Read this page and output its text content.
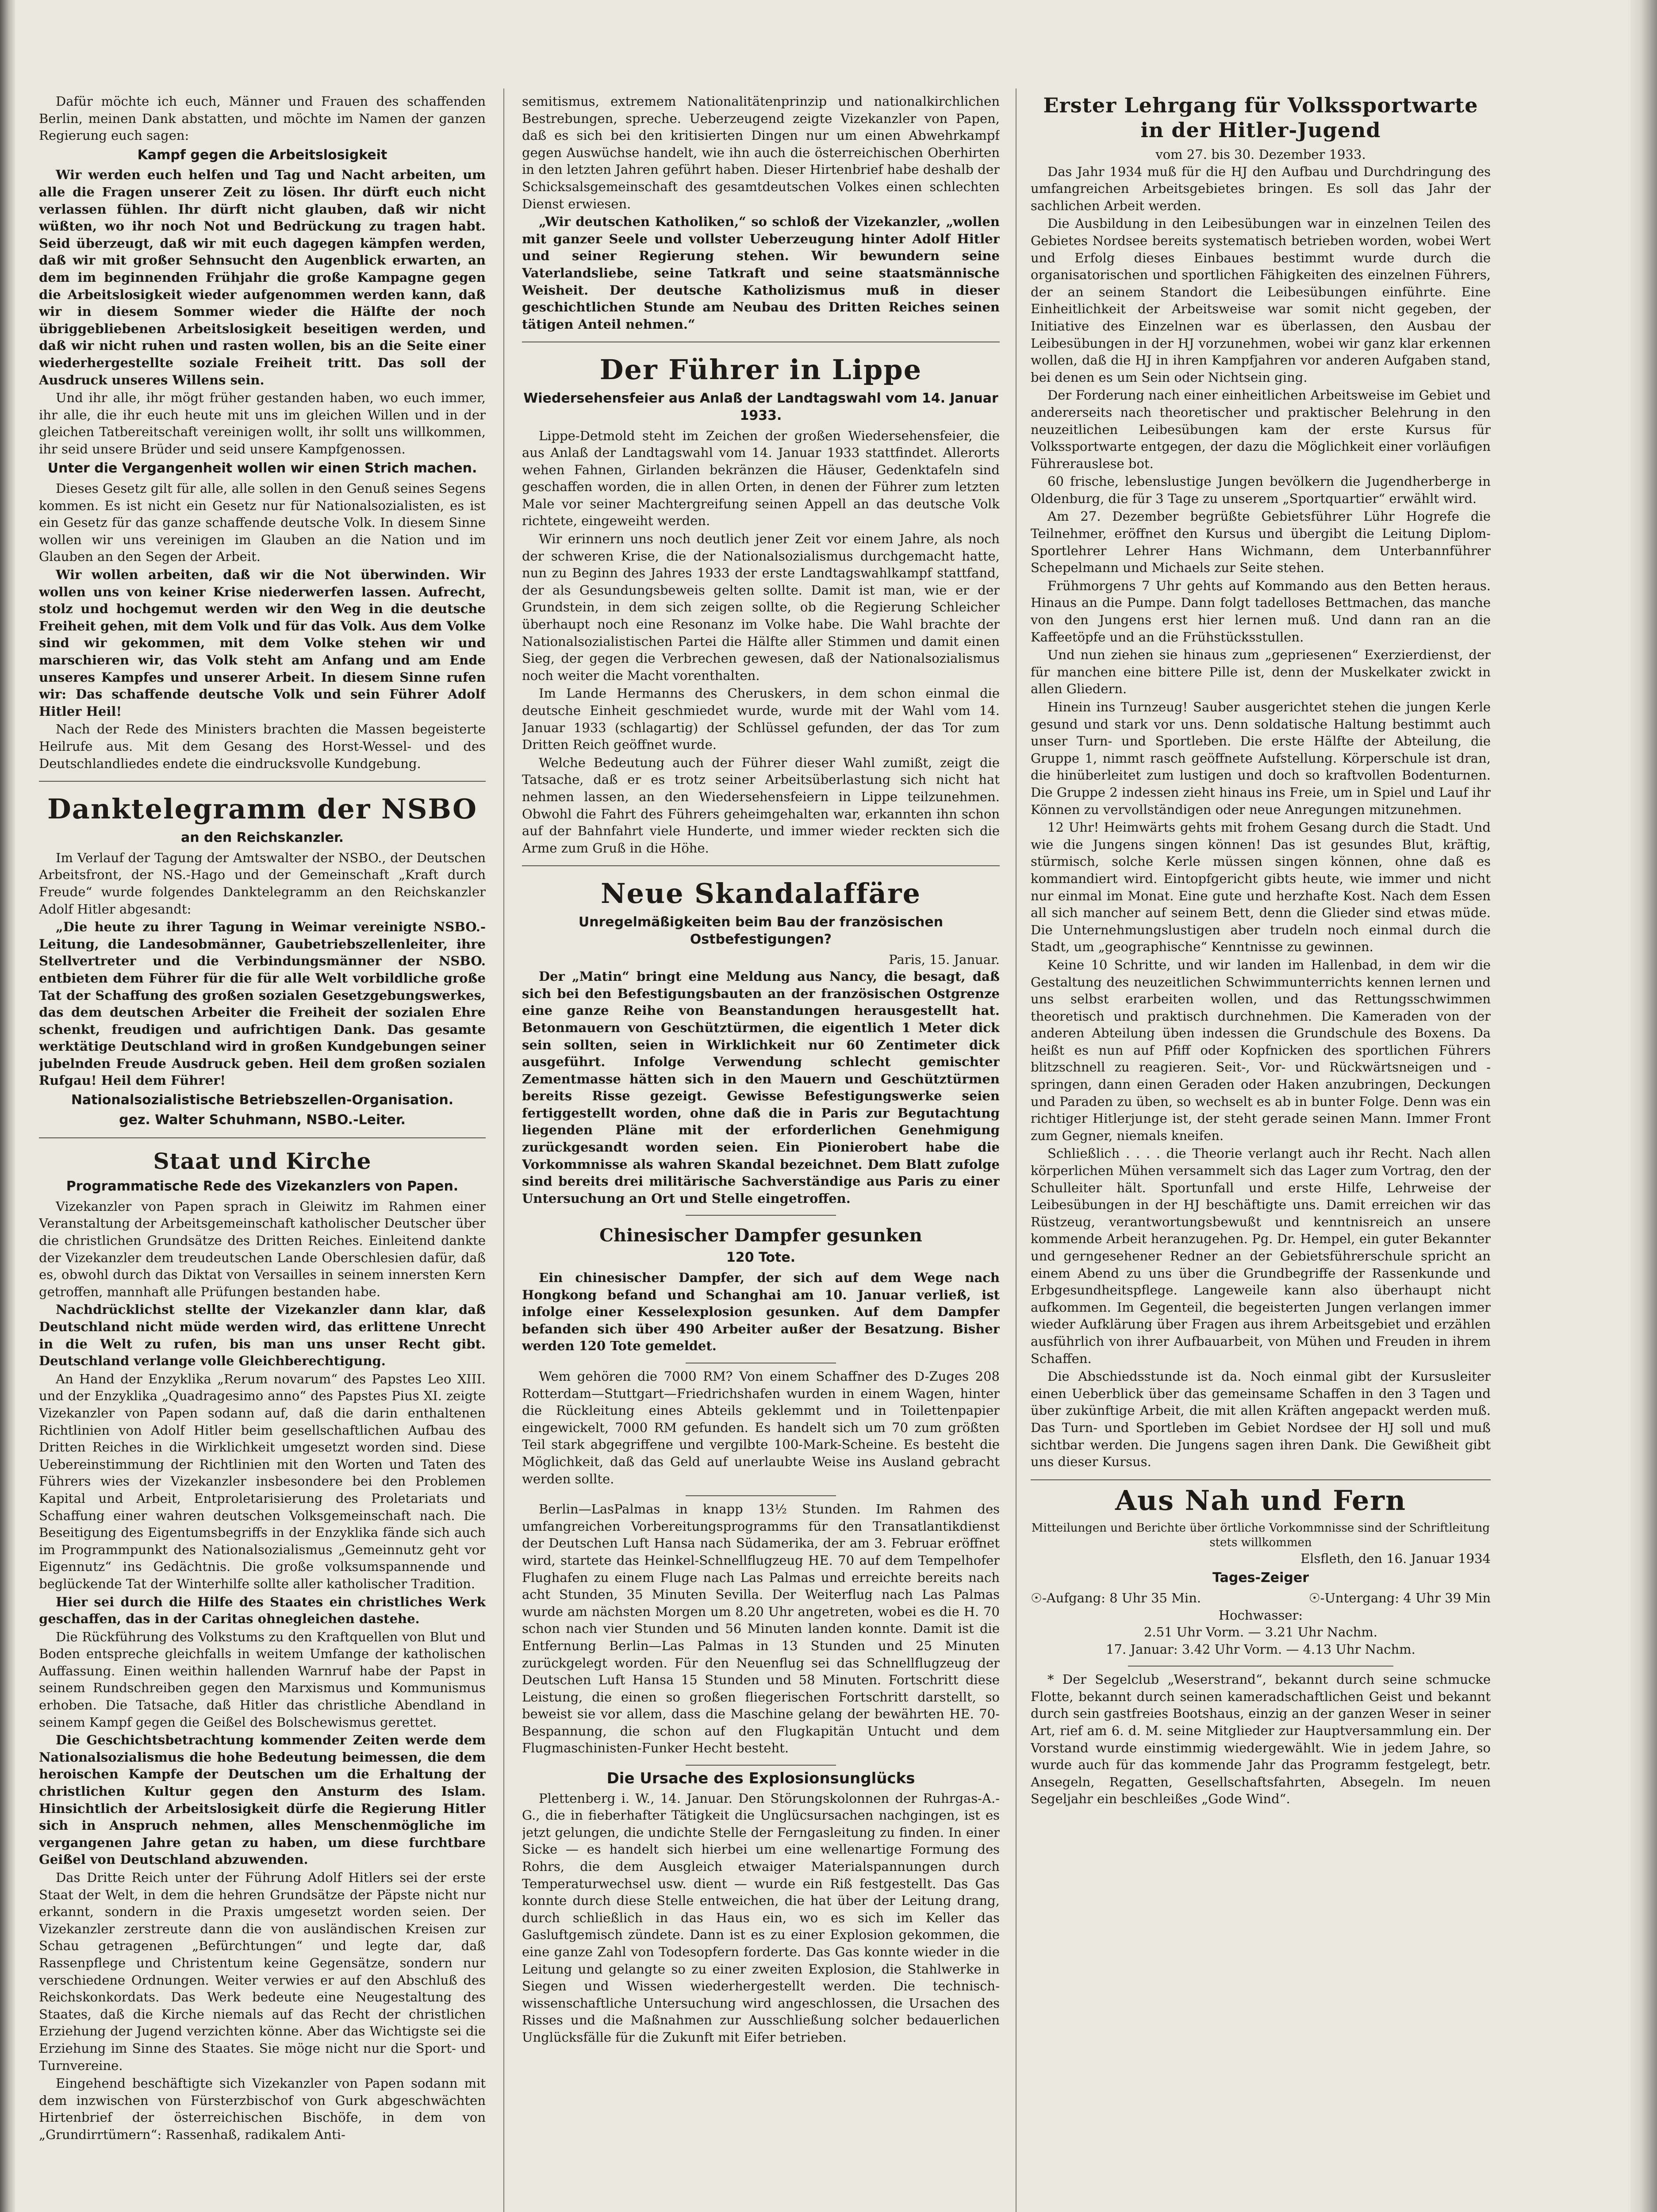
Dafür möchte ich euch, Männer und Frauen des schaffenden Berlin, meinen Dank abstatten, und möchte im Namen der ganzen Regierung euch sagen:

Kampf gegen die Arbeitslosigkeit

Wir werden euch helfen und Tag und Nacht arbeiten, um alle die Fragen unserer Zeit zu lösen. Ihr dürft euch nicht verlassen fühlen. Ihr dürft nicht glauben, daß wir nicht wüßten, wo ihr noch Not und Bedrückung zu tragen habt. Seid überzeugt, daß wir mit euch dagegen kämpfen werden, daß wir mit großer Sehnsucht den Augenblick erwarten, an dem im beginnenden Frühjahr die große Kampagne gegen die Arbeitslosigkeit wieder aufgenommen werden kann, daß wir in diesem Sommer wieder die Hälfte der noch übriggebliebenen Arbeitslosigkeit beseitigen werden, und daß wir nicht ruhen und rasten wollen, bis an die Seite einer wiederhergestellte soziale Freiheit tritt. Das soll der Ausdruck unseres Willens sein.

Und ihr alle, ihr mögt früher gestanden haben, wo euch immer, ihr alle, die ihr euch heute mit uns im gleichen Willen und in der gleichen Tatbereitschaft vereinigen wollt, ihr sollt uns willkommen, ihr seid unsere Brüder und seid unsere Kampfgenossen.

Unter die Vergangenheit wollen wir einen Strich machen.

Dieses Gesetz gilt für alle, alle sollen in den Genuß seines Segens kommen. Es ist nicht ein Gesetz nur für Nationalsozialisten, es ist ein Gesetz für das ganze schaffende deutsche Volk. In diesem Sinne wollen wir uns vereinigen im Glauben an die Nation und im Glauben an den Segen der Arbeit.

Wir wollen arbeiten, daß wir die Not überwinden. Wir wollen uns von keiner Krise niederwerfen lassen. Aufrecht, stolz und hochgemut werden wir den Weg in die deutsche Freiheit gehen, mit dem Volk und für das Volk. Aus dem Volke sind wir gekommen, mit dem Volke stehen wir und marschieren wir, das Volk steht am Anfang und am Ende unseres Kampfes und unserer Arbeit. In diesem Sinne rufen wir: Das schaffende deutsche Volk und sein Führer Adolf Hitler Heil!

Nach der Rede des Ministers brachten die Massen begeisterte Heilrufe aus. Mit dem Gesang des Horst-Wessel- und des Deutschlandliedes endete die eindrucksvolle Kundgebung.

Danktelegramm der NSBO
an den Reichskanzler.

Im Verlauf der Tagung der Amtswalter der NSBO., der Deutschen Arbeitsfront, der NS.-Hago und der Gemeinschaft „Kraft durch Freude“ wurde folgendes Danktelegramm an den Reichskanzler Adolf Hitler abgesandt:

„Die heute zu ihrer Tagung in Weimar vereinigte NSBO.-Leitung, die Landesobmänner, Gaubetriebszellenleiter, ihre Stellvertreter und die Verbindungsmänner der NSBO. entbieten dem Führer für die für alle Welt vorbildliche große Tat der Schaffung des großen sozialen Gesetzgebungswerkes, das dem deutschen Arbeiter die Freiheit der sozialen Ehre schenkt, freudigen und aufrichtigen Dank. Das gesamte werktätige Deutschland wird in großen Kundgebungen seiner jubelnden Freude Ausdruck geben. Heil dem großen sozialen Rufgau! Heil dem Führer!

Nationalsozialistische Betriebszellen-Organisation.
gez. Walter Schuhmann, NSBO.-Leiter.
Staat und Kirche
Programmatische Rede des Vizekanzlers von Papen.

Vizekanzler von Papen sprach in Gleiwitz im Rahmen einer Veranstaltung der Arbeitsgemeinschaft katholischer Deutscher über die christlichen Grundsätze des Dritten Reiches. Einleitend dankte der Vizekanzler dem treudeutschen Lande Oberschlesien dafür, daß es, obwohl durch das Diktat von Versailles in seinem innersten Kern getroffen, mannhaft alle Prüfungen bestanden habe.

Nachdrücklichst stellte der Vizekanzler dann klar, daß Deutschland nicht müde werden wird, das erlittene Unrecht in die Welt zu rufen, bis man uns unser Recht gibt. Deutschland verlange volle Gleichberechtigung.

An Hand der Enzyklika „Rerum novarum“ des Papstes Leo XIII. und der Enzyklika „Quadragesimo anno“ des Papstes Pius XI. zeigte Vizekanzler von Papen sodann auf, daß die darin enthaltenen Richtlinien von Adolf Hitler beim gesellschaftlichen Aufbau des Dritten Reiches in die Wirklichkeit umgesetzt worden sind. Diese Uebereinstimmung der Richtlinien mit den Worten und Taten des Führers wies der Vizekanzler insbesondere bei den Problemen Kapital und Arbeit, Entproletarisierung des Proletariats und Schaffung einer wahren deutschen Volksgemeinschaft nach. Die Beseitigung des Eigentumsbegriffs in der Enzyklika fände sich auch im Programmpunkt des Nationalsozialismus „Gemeinnutz geht vor Eigennutz“ ins Gedächtnis. Die große volksumspannende und beglückende Tat der Winterhilfe sollte aller katholischer Tradition.

Hier sei durch die Hilfe des Staates ein christliches Werk geschaffen, das in der Caritas ohnegleichen dastehe.

Die Rückführung des Volkstums zu den Kraftquellen von Blut und Boden entspreche gleichfalls in weitem Umfange der katholischen Auffassung. Einen weithin hallenden Warnruf habe der Papst in seinem Rundschreiben gegen den Marxismus und Kommunismus erhoben. Die Tatsache, daß Hitler das christliche Abendland in seinem Kampf gegen die Geißel des Bolschewismus gerettet.

Die Geschichtsbetrachtung kommender Zeiten werde dem Nationalsozialismus die hohe Bedeutung beimessen, die dem heroischen Kampfe der Deutschen um die Erhaltung der christlichen Kultur gegen den Ansturm des Islam. Hinsichtlich der Arbeitslosigkeit dürfe die Regierung Hitler sich in Anspruch nehmen, alles Menschenmögliche im vergangenen Jahre getan zu haben, um diese furchtbare Geißel von Deutschland abzuwenden.

Das Dritte Reich unter der Führung Adolf Hitlers sei der erste Staat der Welt, in dem die hehren Grundsätze der Päpste nicht nur erkannt, sondern in die Praxis umgesetzt worden seien. Der Vizekanzler zerstreute dann die von ausländischen Kreisen zur Schau getragenen „Befürchtungen“ und legte dar, daß Rassenpflege und Christentum keine Gegensätze, sondern nur verschiedene Ordnungen. Weiter verwies er auf den Abschluß des Reichskonkordats. Das Werk bedeute eine Neugestaltung des Staates, daß die Kirche niemals auf das Recht der christlichen Erziehung der Jugend verzichten könne. Aber das Wichtigste sei die Erziehung im Sinne des Staates. Sie möge nicht nur die Sport- und Turnvereine.

Eingehend beschäftigte sich Vizekanzler von Papen sodann mit dem inzwischen von Fürsterzbischof von Gurk abgeschwächten Hirtenbrief der österreichischen Bischöfe, in dem von „Grundirrtümern“: Rassenhaß, radikalem Anti-

semitismus, extremem Nationalitätenprinzip und nationalkirchlichen Bestrebungen, spreche. Ueberzeugend zeigte Vizekanzler von Papen, daß es sich bei den kritisierten Dingen nur um einen Abwehrkampf gegen Auswüchse handelt, wie ihn auch die österreichischen Oberhirten in den letzten Jahren geführt haben. Dieser Hirtenbrief habe deshalb der Schicksalsgemeinschaft des gesamtdeutschen Volkes einen schlechten Dienst erwiesen.

„Wir deutschen Katholiken,“ so schloß der Vizekanzler, „wollen mit ganzer Seele und vollster Ueberzeugung hinter Adolf Hitler und seiner Regierung stehen. Wir bewundern seine Vaterlandsliebe, seine Tatkraft und seine staatsmännische Weisheit. Der deutsche Katholizismus muß in dieser geschichtlichen Stunde am Neubau des Dritten Reiches seinen tätigen Anteil nehmen.“

Der Führer in Lippe
Wiedersehensfeier aus Anlaß der Landtagswahl vom 14. Januar 1933.

Lippe-Detmold steht im Zeichen der großen Wiedersehensfeier, die aus Anlaß der Landtagswahl vom 14. Januar 1933 stattfindet. Allerorts wehen Fahnen, Girlanden bekränzen die Häuser, Gedenktafeln sind geschaffen worden, die in allen Orten, in denen der Führer zum letzten Male vor seiner Machtergreifung seinen Appell an das deutsche Volk richtete, eingeweiht werden.

Wir erinnern uns noch deutlich jener Zeit vor einem Jahre, als noch der schweren Krise, die der Nationalsozialismus durchgemacht hatte, nun zu Beginn des Jahres 1933 der erste Landtagswahlkampf stattfand, der als Gesundungsbeweis gelten sollte. Damit ist man, wie er der Grundstein, in dem sich zeigen sollte, ob die Regierung Schleicher überhaupt noch eine Resonanz im Volke habe. Die Wahl brachte der Nationalsozialistischen Partei die Hälfte aller Stimmen und damit einen Sieg, der gegen die Verbrechen gewesen, daß der Nationalsozialismus noch weiter die Macht vorenthalten.

Im Lande Hermanns des Cheruskers, in dem schon einmal die deutsche Einheit geschmiedet wurde, wurde mit der Wahl vom 14. Januar 1933 (schlagartig) der Schlüssel gefunden, der das Tor zum Dritten Reich geöffnet wurde.

Welche Bedeutung auch der Führer dieser Wahl zumißt, zeigt die Tatsache, daß er es trotz seiner Arbeitsüberlastung sich nicht hat nehmen lassen, an den Wiedersehensfeiern in Lippe teilzunehmen. Obwohl die Fahrt des Führers geheimgehalten war, erkannten ihn schon auf der Bahnfahrt viele Hunderte, und immer wieder reckten sich die Arme zum Gruß in die Höhe.

Neue Skandalaffäre
Unregelmäßigkeiten beim Bau der französischen Ostbefestigungen?
Paris, 15. Januar.

Der „Matin“ bringt eine Meldung aus Nancy, die besagt, daß sich bei den Befestigungsbauten an der französischen Ostgrenze eine ganze Reihe von Beanstandungen herausgestellt hat. Betonmauern von Geschütztürmen, die eigentlich 1 Meter dick sein sollten, seien in Wirklichkeit nur 60 Zentimeter dick ausgeführt. Infolge Verwendung schlecht gemischter Zementmasse hätten sich in den Mauern und Geschütztürmen bereits Risse gezeigt. Gewisse Befestigungswerke seien fertiggestellt worden, ohne daß die in Paris zur Begutachtung liegenden Pläne mit der erforderlichen Genehmigung zurückgesandt worden seien. Ein Pionierobert habe die Vorkommnisse als wahren Skandal bezeichnet. Dem Blatt zufolge sind bereits drei militärische Sachverständige aus Paris zu einer Untersuchung an Ort und Stelle eingetroffen.

Chinesischer Dampfer gesunken
120 Tote.

Ein chinesischer Dampfer, der sich auf dem Wege nach Hongkong befand und Schanghai am 10. Januar verließ, ist infolge einer Kesselexplosion gesunken. Auf dem Dampfer befanden sich über 490 Arbeiter außer der Besatzung. Bisher werden 120 Tote gemeldet.

Wem gehören die 7000 RM? Von einem Schaffner des D-Zuges 208 Rotterdam—Stuttgart—Friedrichshafen wurden in einem Wagen, hinter die Rückleitung eines Abteils geklemmt und in Toilettenpapier eingewickelt, 7000 RM gefunden. Es handelt sich um 70 zum größten Teil stark abgegriffene und vergilbte 100-Mark-Scheine. Es besteht die Möglichkeit, daß das Geld auf unerlaubte Weise ins Ausland gebracht werden sollte.

Berlin—LasPalmas in knapp 13½ Stunden. Im Rahmen des umfangreichen Vorbereitungsprogramms für den Transatlantikdienst der Deutschen Luft Hansa nach Südamerika, der am 3. Februar eröffnet wird, startete das Heinkel-Schnellflugzeug HE. 70 auf dem Tempelhofer Flughafen zu einem Fluge nach Las Palmas und erreichte bereits nach acht Stunden, 35 Minuten Sevilla. Der Weiterflug nach Las Palmas wurde am nächsten Morgen um 8.20 Uhr angetreten, wobei es die H. 70 schon nach vier Stunden und 56 Minuten landen konnte. Damit ist die Entfernung Berlin—Las Palmas in 13 Stunden und 25 Minuten zurückgelegt worden. Für den Neuenflug sei das Schnellflugzeug der Deutschen Luft Hansa 15 Stunden und 58 Minuten. Fortschritt diese Leistung, die einen so großen fliegerischen Fortschritt darstellt, so beweist sie vor allem, dass die Maschine gelang der bewährten HE. 70-Bespannung, die schon auf den Flugkapitän Untucht und dem Flugmaschinisten-Funker Hecht besteht.

Die Ursache des Explosionsunglücks

Plettenberg i. W., 14. Januar. Den Störungskolonnen der Ruhrgas-A.-G., die in fieberhafter Tätigkeit die Unglücsursachen nachgingen, ist es jetzt gelungen, die undichte Stelle der Ferngasleitung zu finden. In einer Sicke — es handelt sich hierbei um eine wellenartige Formung des Rohrs, die dem Ausgleich etwaiger Materialspannungen durch Temperaturwechsel usw. dient — wurde ein Riß festgestellt. Das Gas konnte durch diese Stelle entweichen, die hat über der Leitung drang, durch schließlich in das Haus ein, wo es sich im Keller das Gasluftgemisch zündete. Dann ist es zu einer Explosion gekommen, die eine ganze Zahl von Todesopfern forderte. Das Gas konnte wieder in die Leitung und gelangte so zu einer zweiten Explosion, die Stahlwerke in Siegen und Wissen wiederhergestellt werden. Die technisch-wissenschaftliche Untersuchung wird angeschlossen, die Ursachen des Risses und die Maßnahmen zur Ausschließung solcher bedauerlichen Unglücksfälle für die Zukunft mit Eifer betrieben.

Erster Lehrgang für Volkssportwarte in der Hitler-Jugend
vom 27. bis 30. Dezember 1933.

Das Jahr 1934 muß für die HJ den Aufbau und Durchdringung des umfangreichen Arbeitsgebietes bringen. Es soll das Jahr der sachlichen Arbeit werden.

Die Ausbildung in den Leibesübungen war in einzelnen Teilen des Gebietes Nordsee bereits systematisch betrieben worden, wobei Wert und Erfolg dieses Einbaues bestimmt wurde durch die organisatorischen und sportlichen Fähigkeiten des einzelnen Führers, der an seinem Standort die Leibesübungen einführte. Eine Einheitlichkeit der Arbeitsweise war somit nicht gegeben, der Initiative des Einzelnen war es überlassen, den Ausbau der Leibesübungen in der HJ vorzunehmen, wobei wir ganz klar erkennen wollen, daß die HJ in ihren Kampfjahren vor anderen Aufgaben stand, bei denen es um Sein oder Nichtsein ging.

Der Forderung nach einer einheitlichen Arbeitsweise im Gebiet und andererseits nach theoretischer und praktischer Belehrung in den neuzeitlichen Leibesübungen kam der erste Kursus für Volkssportwarte entgegen, der dazu die Möglichkeit einer vorläufigen Führerauslese bot.

60 frische, lebenslustige Jungen bevölkern die Jugendherberge in Oldenburg, die für 3 Tage zu unserem „Sportquartier“ erwählt wird.

Am 27. Dezember begrüßte Gebietsführer Lühr Hogrefe die Teilnehmer, eröffnet den Kursus und übergibt die Leitung Diplom-Sportlehrer Lehrer Hans Wichmann, dem Unterbannführer Schepelmann und Michaels zur Seite stehen.

Frühmorgens 7 Uhr gehts auf Kommando aus den Betten heraus. Hinaus an die Pumpe. Dann folgt tadelloses Bettmachen, das manche von den Jungens erst hier lernen muß. Und dann ran an die Kaffeetöpfe und an die Frühstücksstullen.

Und nun ziehen sie hinaus zum „gepriesenen“ Exerzierdienst, der für manchen eine bittere Pille ist, denn der Muskelkater zwickt in allen Gliedern.

Hinein ins Turnzeug! Sauber ausgerichtet stehen die jungen Kerle gesund und stark vor uns. Denn soldatische Haltung bestimmt auch unser Turn- und Sportleben. Die erste Hälfte der Abteilung, die Gruppe 1, nimmt rasch geöffnete Aufstellung. Körperschule ist dran, die hinüberleitet zum lustigen und doch so kraftvollen Bodenturnen. Die Gruppe 2 indessen zieht hinaus ins Freie, um in Spiel und Lauf ihr Können zu vervollständigen oder neue Anregungen mitzunehmen.

12 Uhr! Heimwärts gehts mit frohem Gesang durch die Stadt. Und wie die Jungens singen können! Das ist gesundes Blut, kräftig, stürmisch, solche Kerle müssen singen können, ohne daß es kommandiert wird. Eintopfgericht gibts heute, wie immer und nicht nur einmal im Monat. Eine gute und herzhafte Kost. Nach dem Essen all sich mancher auf seinem Bett, denn die Glieder sind etwas müde. Die Unternehmungslustigen aber trudeln noch einmal durch die Stadt, um „geographische“ Kenntnisse zu gewinnen.

Keine 10 Schritte, und wir landen im Hallenbad, in dem wir die Gestaltung des neuzeitlichen Schwimmunterrichts kennen lernen und uns selbst erarbeiten wollen, und das Rettungsschwimmen theoretisch und praktisch durchnehmen. Die Kameraden von der anderen Abteilung üben indessen die Grundschule des Boxens. Da heißt es nun auf Pfiff oder Kopfnicken des sportlichen Führers blitzschnell zu reagieren. Seit-, Vor- und Rückwärtsneigen und -springen, dann einen Geraden oder Haken anzubringen, Deckungen und Paraden zu üben, so wechselt es ab in bunter Folge. Denn was ein richtiger Hitlerjunge ist, der steht gerade seinen Mann. Immer Front zum Gegner, niemals kneifen.

Schließlich . . . . die Theorie verlangt auch ihr Recht. Nach allen körperlichen Mühen versammelt sich das Lager zum Vortrag, den der Schulleiter hält. Sportunfall und erste Hilfe, Lehrweise der Leibesübungen in der HJ beschäftigte uns. Damit erreichen wir das Rüstzeug, verantwortungsbewußt und kenntnisreich an unsere kommende Arbeit heranzugehen. Pg. Dr. Hempel, ein guter Bekannter und gerngesehener Redner an der Gebietsführerschule spricht an einem Abend zu uns über die Grundbegriffe der Rassenkunde und Erbgesundheitspflege. Langeweile kann also überhaupt nicht aufkommen. Im Gegenteil, die begeisterten Jungen verlangen immer wieder Aufklärung über Fragen aus ihrem Arbeitsgebiet und erzählen ausführlich von ihrer Aufbauarbeit, von Mühen und Freuden in ihrem Schaffen.

Die Abschiedsstunde ist da. Noch einmal gibt der Kursusleiter einen Ueberblick über das gemeinsame Schaffen in den 3 Tagen und über zukünftige Arbeit, die mit allen Kräften angepackt werden muß. Das Turn- und Sportleben im Gebiet Nordsee der HJ soll und muß sichtbar werden. Die Jungens sagen ihren Dank. Die Gewißheit gibt uns dieser Kursus.

Aus Nah und Fern
Mitteilungen und Berichte über örtliche Vorkommnisse sind der Schriftleitung stets willkommen
Elsfleth, den 16. Januar 1934
Tages-Zeiger
☉-Aufgang: 8 Uhr 35 Min.	☉-Untergang: 4 Uhr 39 Min
Hochwasser:
2.51 Uhr Vorm. — 3.21 Uhr Nachm.
17. Januar: 3.42 Uhr Vorm. — 4.13 Uhr Nachm.

* Der Segelclub „Weserstrand“, bekannt durch seine schmucke Flotte, bekannt durch seinen kameradschaftlichen Geist und bekannt durch sein gastfreies Bootshaus, einzig an der ganzen Weser in seiner Art, rief am 6. d. M. seine Mitglieder zur Hauptversammlung ein. Der Vorstand wurde einstimmig wiedergewählt. Wie in jedem Jahre, so wurde auch für das kommende Jahr das Programm festgelegt, betr. Ansegeln, Regatten, Gesellschaftsfahrten, Absegeln. Im neuen Segeljahr ein beschleißes „Gode Wind“.
